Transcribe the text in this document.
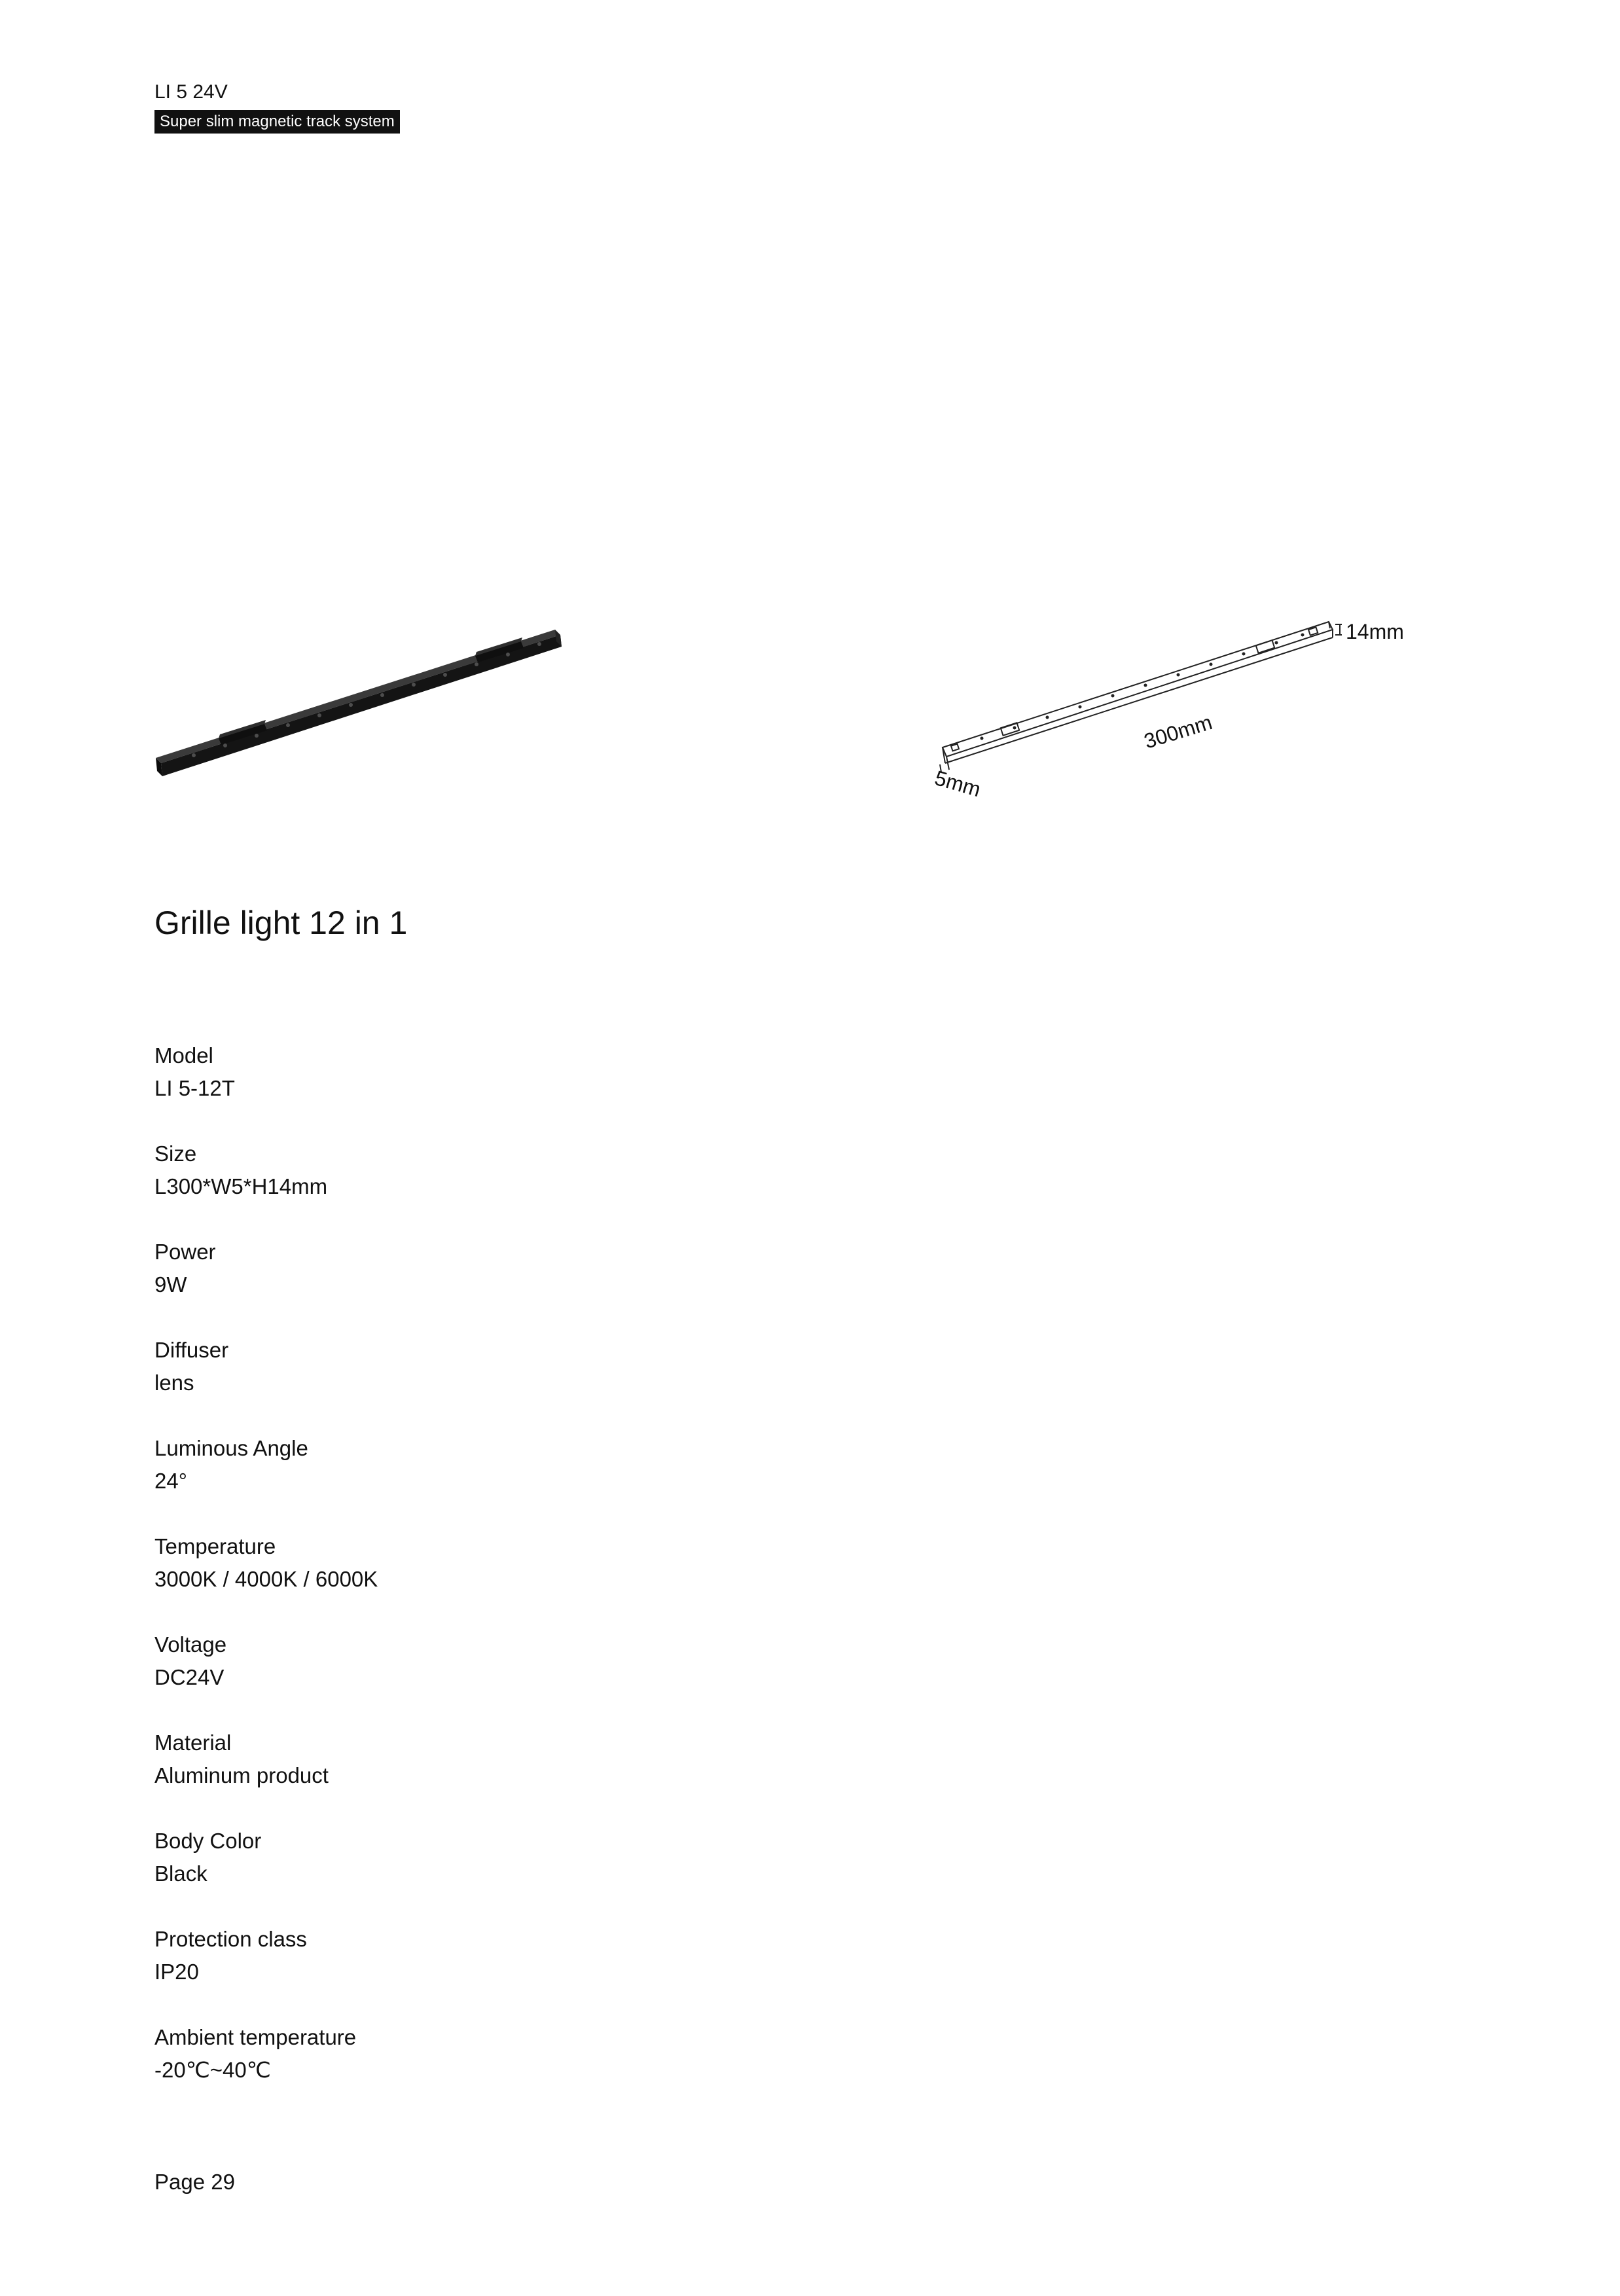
LI 5 24V
Super slim magnetic track system
14mm
300mm
5mm
Grille light 12 in 1
Model
LI 5-12T
Size
L300*W5*H14mm
Power
9W
Diffuser
lens
Luminous Angle
24°
Temperature
3000K / 4000K / 6000K
Voltage
DC24V
Material
Aluminum product
Body Color
Black
Protection class
IP20
Ambient temperature
-20℃~40℃
Page 29
